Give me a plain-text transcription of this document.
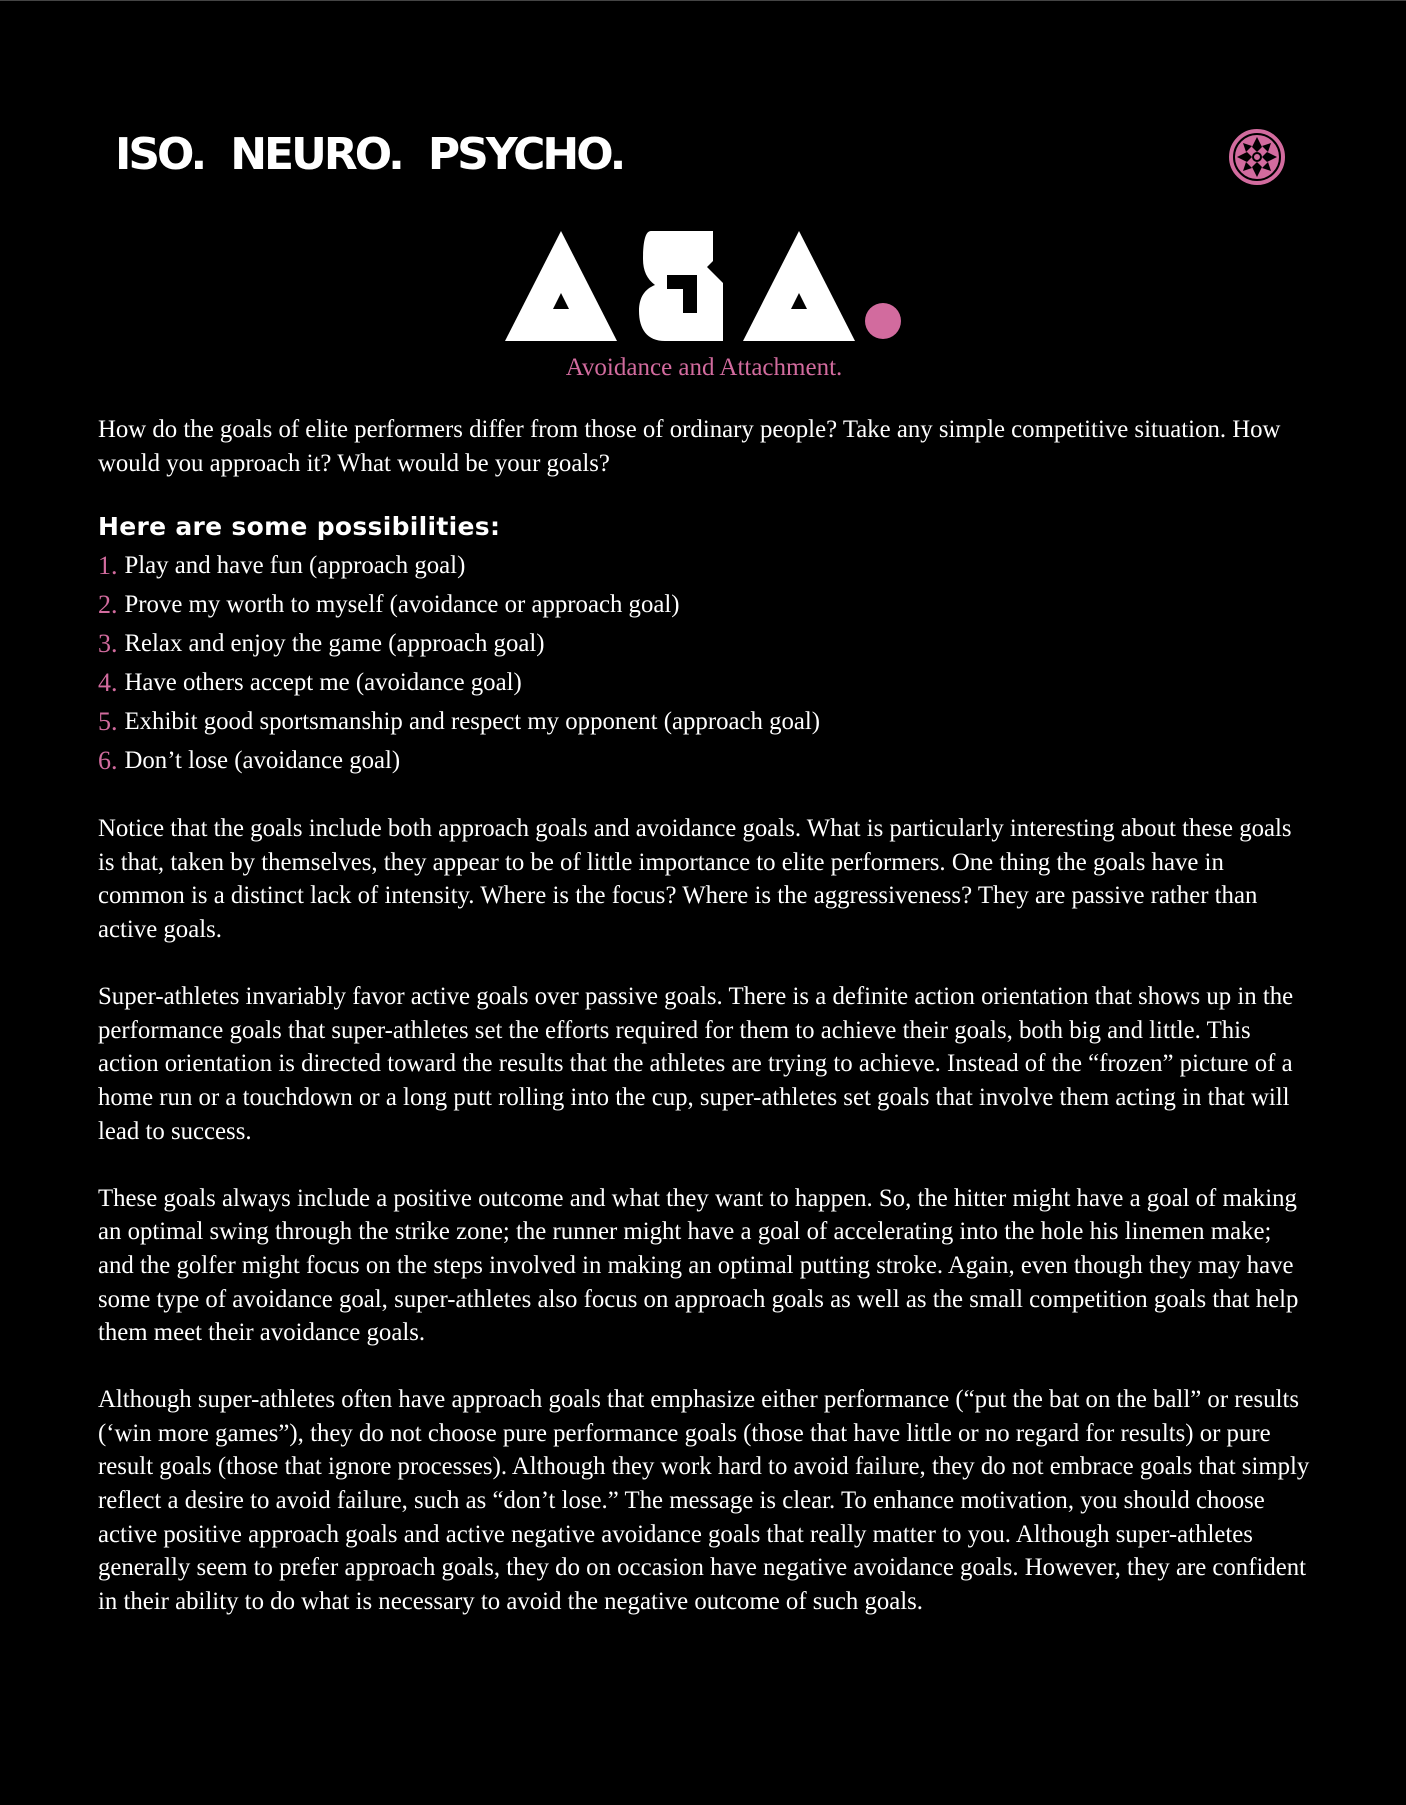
ISO. NEURO. PSYCHO.
Avoidance and Attachment.

How do the goals of elite performers differ from those of ordinary people? Take any simple competitive situation. How would you approach it? What would be your goals?

Here are some possibilities:
1. Play and have fun (approach goal)
2. Prove my worth to myself (avoidance or approach goal)
3. Relax and enjoy the game (approach goal)
4. Have others accept me (avoidance goal)
5. Exhibit good sportsmanship and respect my opponent (approach goal)
6. Don’t lose (avoidance goal)

Notice that the goals include both approach goals and avoidance goals. What is particularly interesting about these goals is that, taken by themselves, they appear to be of little importance to elite performers. One thing the goals have in common is a distinct lack of intensity. Where is the focus? Where is the aggressiveness? They are passive rather than active goals.

Super-athletes invariably favor active goals over passive goals. There is a definite action orientation that shows up in the performance goals that super-athletes set the efforts required for them to achieve their goals, both big and little. This action orientation is directed toward the results that the athletes are trying to achieve. Instead of the “frozen” picture of a home run or a touchdown or a long putt rolling into the cup, super-athletes set goals that involve them acting in that will lead to success.

These goals always include a positive outcome and what they want to happen. So, the hitter might have a goal of making an optimal swing through the strike zone; the runner might have a goal of accelerating into the hole his linemen make; and the golfer might focus on the steps involved in making an optimal putting stroke. Again, even though they may have some type of avoidance goal, super-athletes also focus on approach goals as well as the small competition goals that help them meet their avoidance goals.

Although super-athletes often have approach goals that emphasize either performance (“put the bat on the ball” or results (‘win more games”), they do not choose pure performance goals (those that have little or no regard for results) or pure result goals (those that ignore processes). Although they work hard to avoid failure, they do not embrace goals that simply reflect a desire to avoid failure, such as “don’t lose.” The message is clear. To enhance motivation, you should choose active positive approach goals and active negative avoidance goals that really matter to you. Although super-athletes generally seem to prefer approach goals, they do on occasion have negative avoidance goals. However, they are confident in their ability to do what is necessary to avoid the negative outcome of such goals.
